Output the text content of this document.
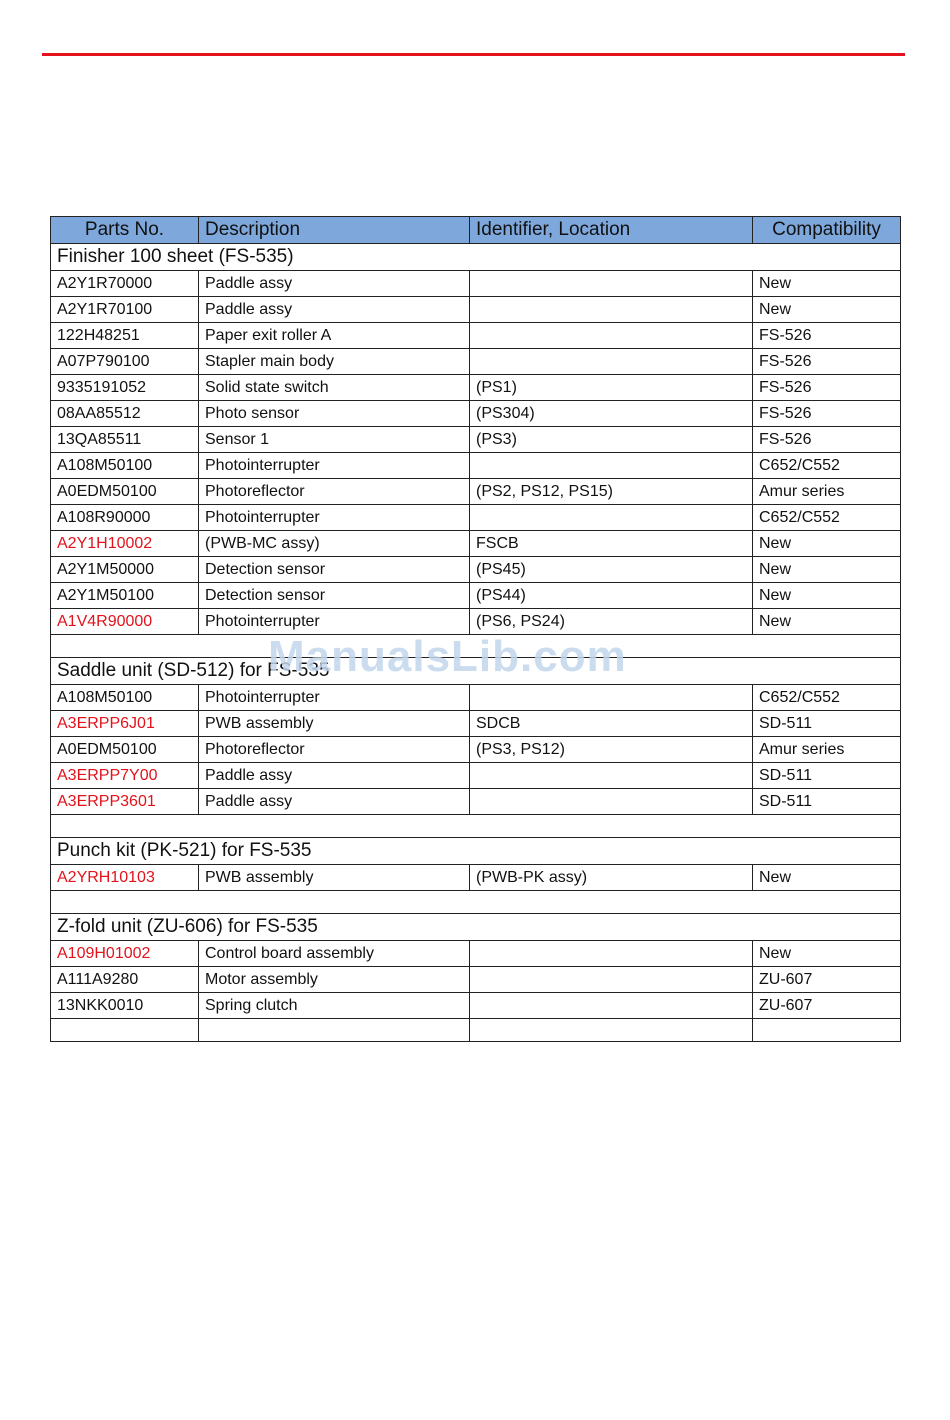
Parts No.	Description	Identifier, Location	Compatibility
Finisher 100 sheet (FS-535)			
A2Y1R70000	Paddle assy		New
A2Y1R70100	Paddle assy		New
122H48251	Paper exit roller A		FS-526
A07P790100	Stapler main body		FS-526
9335191052	Solid state switch	(PS1)	FS-526
08AA85512	Photo sensor	(PS304)	FS-526
13QA85511	Sensor 1	(PS3)	FS-526
A108M50100	Photointerrupter		C652/C552
A0EDM50100	Photoreflector	(PS2, PS12, PS15)	Amur series
A108R90000	Photointerrupter		C652/C552
A2Y1H10002	(PWB-MC assy)	FSCB	New
A2Y1M50000	Detection sensor	(PS45)	New
A2Y1M50100	Detection sensor	(PS44)	New
A1V4R90000	Photointerrupter	(PS6, PS24)	New

Saddle unit (SD-512) for FS-535			
A108M50100	Photointerrupter		C652/C552
A3ERPP6J01	PWB assembly	SDCB	SD-511
A0EDM50100	Photoreflector	(PS3, PS12)	Amur series
A3ERPP7Y00	Paddle assy		SD-511
A3ERPP3601	Paddle assy		SD-511

Punch kit (PK-521) for FS-535			
A2YRH10103	PWB assembly	(PWB-PK assy)	New

Z-fold unit (ZU-606) for FS-535			
A109H01002	Control board assembly		New
A111A9280	Motor assembly		ZU-607
13NKK0010	Spring clutch		ZU-607

ManualsLib.com
